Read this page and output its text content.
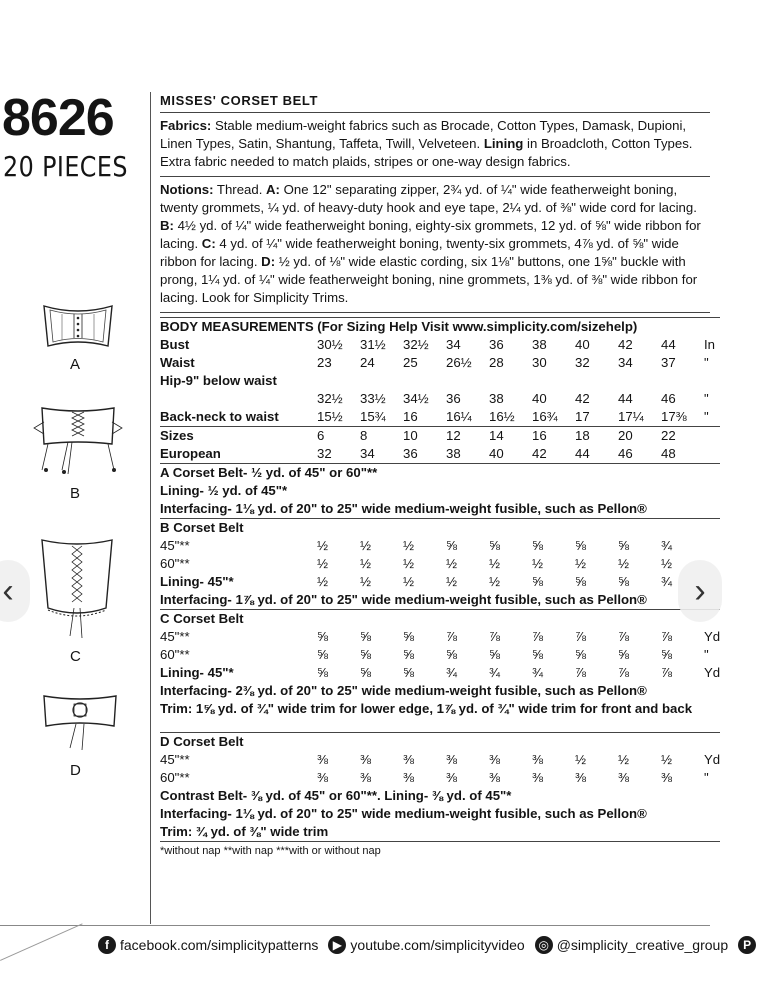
8626
20 PIECES
A
B
C
D
MISSES' CORSET BELT

Fabrics: Stable medium-weight fabrics such as Brocade, Cotton Types, Damask, Dupioni, Linen Types, Satin, Shantung, Taffeta, Twill, Velveteen. Lining in Broadcloth, Cotton Types. Extra fabric needed to match plaids, stripes or one-way design fabrics.

Notions: Thread. A: One 12" separating zipper, 2¾ yd. of ¼" wide featherweight boning, twenty grommets, ¼ yd. of heavy-duty hook and eye tape, 2¼ yd. of ⅜" wide cord for lacing. B: 4½ yd. of ¼" wide featherweight boning, eighty-six grommets, 12 yd. of ⅝" wide ribbon for lacing. C: 4 yd. of ¼" wide featherweight boning, twenty-six grommets, 4⅞ yd. of ⅝" wide ribbon for lacing. D: ½ yd. of ⅛" wide elastic cording, six 1⅛" buttons, one 1⅝" buckle with prong, 1¼ yd. of ¼" wide featherweight boning, nine grommets, 1⅜ yd. of ⅜" wide ribbon for lacing. Look for Simplicity Trims.

BODY MEASUREMENTS (For Sizing Help Visit www.simplicity.com/sizehelp)										
Bust	30½	31½	32½	34	36	38	40	42	44	In
Waist	23	24	25	26½	28	30	32	34	37	"
Hip-9" below waist										
	32½	33½	34½	36	38	40	42	44	46	"
Back-neck to waist	15½	15¾	16	16¼	16½	16¾	17	17¼	17⅜	"
Sizes	6	8	10	12	14	16	18	20	22	
European	32	34	36	38	40	42	44	46	48	
A Corset Belt- ½ yd. of 45" or 60"**										
Lining- ½ yd. of 45"*										
Interfacing- 1⅛ yd. of 20" to 25" wide medium-weight fusible, such as Pellon®										
B Corset Belt										
45"**	½	½	½	⅝	⅝	⅝	⅝	⅝	¾	
60"**	½	½	½	½	½	½	½	½	½	
Lining- 45"*	½	½	½	½	½	⅝	⅝	⅝	¾	
Interfacing- 1⅞ yd. of 20" to 25" wide medium-weight fusible, such as Pellon®										
C Corset Belt										
45"**	⅝	⅝	⅝	⅞	⅞	⅞	⅞	⅞	⅞	Yd
60"**	⅝	⅝	⅝	⅝	⅝	⅝	⅝	⅝	⅝	"
Lining- 45"*	⅝	⅝	⅝	¾	¾	¾	⅞	⅞	⅞	Yd
Interfacing- 2⅜ yd. of 20" to 25" wide medium-weight fusible, such as Pellon®										
Trim: 1⅝ yd. of ¾" wide trim for lower edge, 1⅞ yd. of ¾" wide trim for front and back										

D Corset Belt										
45"**	⅜	⅜	⅜	⅜	⅜	⅜	½	½	½	Yd
60"**	⅜	⅜	⅜	⅜	⅜	⅜	⅜	⅜	⅜	"
Contrast Belt- ⅜ yd. of 45" or 60"**. Lining- ⅜ yd. of 45"*										
Interfacing- 1⅛ yd. of 20" to 25" wide medium-weight fusible, such as Pellon®										
Trim: ¾ yd. of ⅜" wide trim										
*without nap **with nap ***with or without nap										
‹	›
f facebook.com/simplicitypatterns	▶ youtube.com/simplicityvideo	◎ @simplicity_creative_group	P
